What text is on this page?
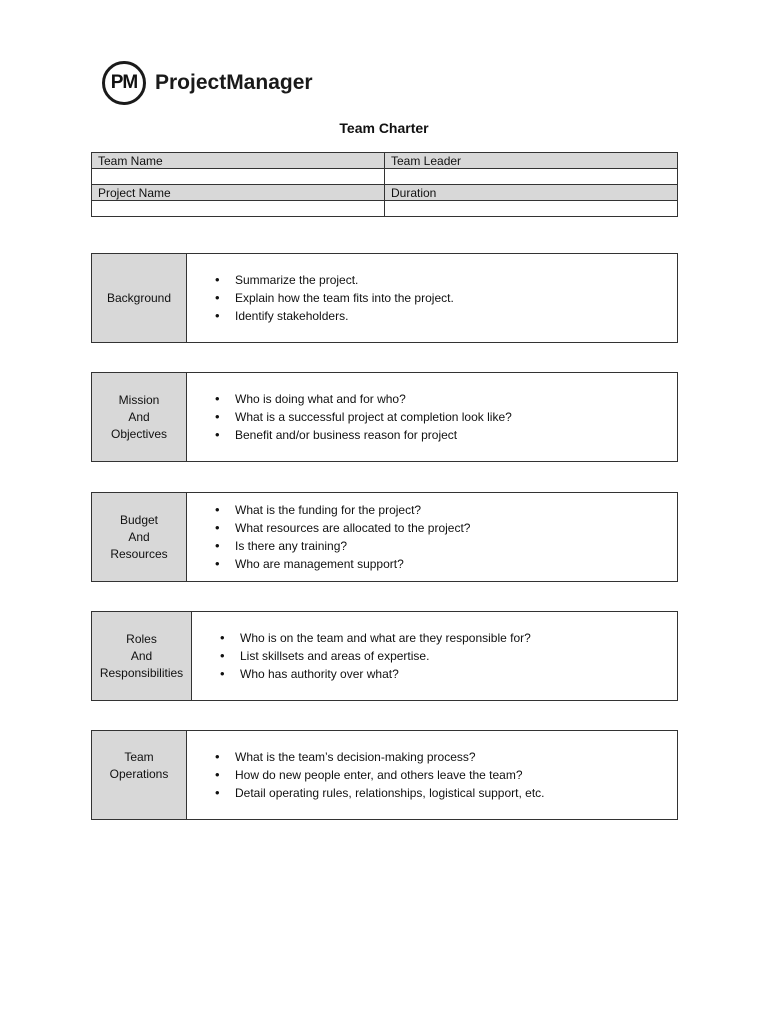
PM ProjectManager
Team Charter
Team Name	Team Leader

Project Name	Duration

Background
• Summarize the project.
• Explain how the team fits into the project.
• Identify stakeholders.
Mission
And
Objectives
• Who is doing what and for who?
• What is a successful project at completion look like?
• Benefit and/or business reason for project
Budget
And
Resources
• What is the funding for the project?
• What resources are allocated to the project?
• Is there any training?
• Who are management support?
Roles
And
Responsibilities
• Who is on the team and what are they responsible for?
• List skillsets and areas of expertise.
• Who has authority over what?
Team
Operations
• What is the team’s decision-making process?
• How do new people enter, and others leave the team?
• Detail operating rules, relationships, logistical support, etc.
